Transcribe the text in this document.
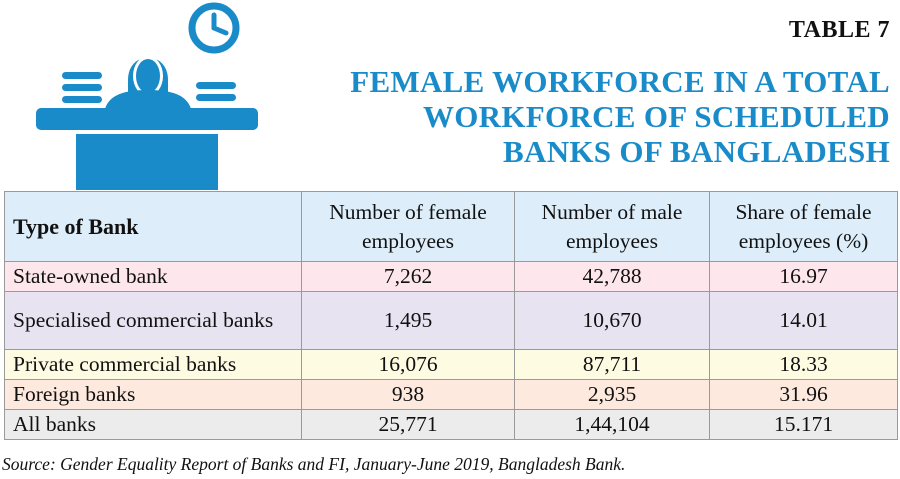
TABLE 7
FEMALE WORKFORCE IN A TOTAL
WORKFORCE OF SCHEDULED
BANKS OF BANGLADESH
Type of Bank	Number of female employees	Number of male employees	Share of female employees (%)
State-owned bank	7,262	42,788	16.97
Specialised commercial banks	1,495	10,670	14.01
Private commercial banks	16,076	87,711	18.33
Foreign banks	938	2,935	31.96
All banks	25,771	1,44,104	15.171
Source: Gender Equality Report of Banks and FI, January-June 2019, Bangladesh Bank.
